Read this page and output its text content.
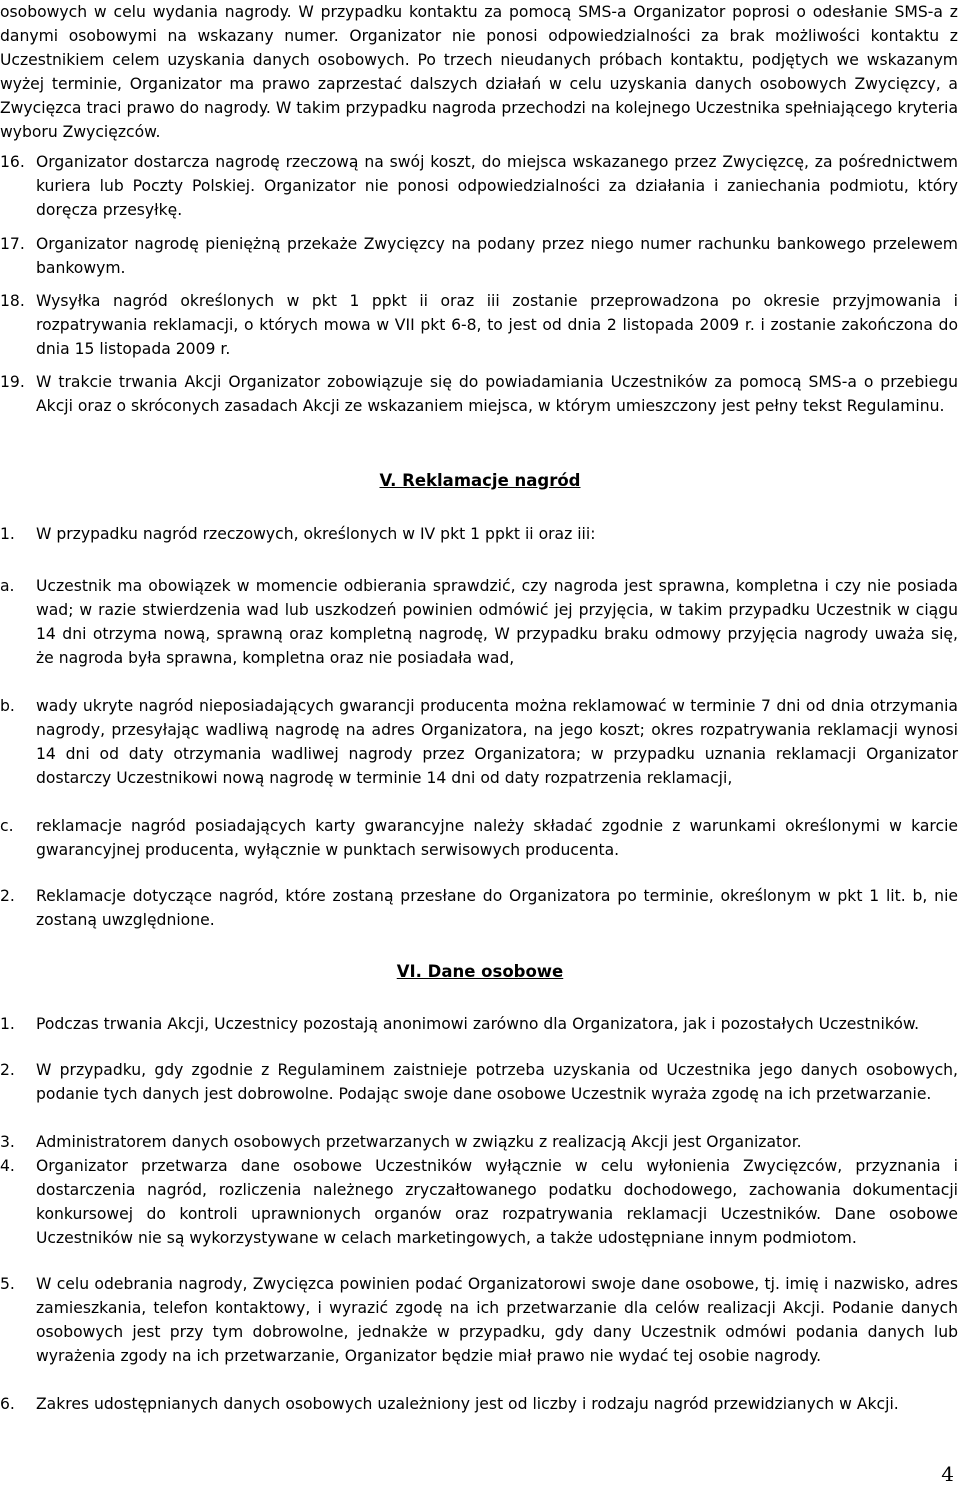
osobowych w celu wydania nagrody. W przypadku kontaktu za pomocą SMS-a Organizator poprosi o odesłanie SMS-a z danymi osobowymi na wskazany numer. Organizator nie ponosi odpowiedzialności za brak możliwości kontaktu z Uczestnikiem celem uzyskania danych osobowych. Po trzech nieudanych próbach kontaktu, podjętych we wskazanym wyżej terminie, Organizator ma prawo zaprzestać dalszych działań w celu uzyskania danych osobowych Zwycięzcy, a Zwycięzca traci prawo do nagrody. W takim przypadku nagroda przechodzi na kolejnego Uczestnika spełniającego kryteria wyboru Zwycięzców.
16. Organizator dostarcza nagrodę rzeczową na swój koszt, do miejsca wskazanego przez Zwycięzcę, za pośrednictwem kuriera lub Poczty Polskiej. Organizator nie ponosi odpowiedzialności za działania i zaniechania podmiotu, który doręcza przesyłkę.
17. Organizator nagrodę pieniężną przekaże Zwycięzcy na podany przez niego numer rachunku bankowego przelewem bankowym.
18. Wysyłka nagród określonych w pkt 1 ppkt ii oraz iii zostanie przeprowadzona po okresie przyjmowania i rozpatrywania reklamacji, o których mowa w VII pkt 6-8, to jest od dnia 2 listopada 2009 r. i zostanie zakończona do dnia 15 listopada 2009 r.
19. W trakcie trwania Akcji Organizator zobowiązuje się do powiadamiania Uczestników za pomocą SMS-a o przebiegu Akcji oraz o skróconych zasadach Akcji ze wskazaniem miejsca, w którym umieszczony jest pełny tekst Regulaminu.
V. Reklamacje nagród
1.	W przypadku nagród rzeczowych, określonych w IV pkt 1 ppkt ii oraz iii:
a.	Uczestnik ma obowiązek w momencie odbierania sprawdzić, czy nagroda jest sprawna, kompletna i czy nie posiada wad; w razie stwierdzenia wad lub uszkodzeń powinien odmówić jej przyjęcia, w takim przypadku Uczestnik w ciągu 14 dni otrzyma nową, sprawną oraz kompletną nagrodę, W przypadku braku odmowy przyjęcia nagrody uważa się, że nagroda była sprawna, kompletna oraz nie posiadała wad,
b.	wady ukryte nagród nieposiadających gwarancji producenta można reklamować w terminie 7 dni od dnia otrzymania nagrody, przesyłając wadliwą nagrodę na adres Organizatora, na jego koszt; okres rozpatrywania reklamacji wynosi 14 dni od daty otrzymania wadliwej nagrody przez Organizatora; w przypadku uznania reklamacji Organizator dostarczy Uczestnikowi nową nagrodę w terminie 14 dni od daty rozpatrzenia reklamacji,
c.	reklamacje nagród posiadających karty gwarancyjne należy składać zgodnie z warunkami określonymi w karcie gwarancyjnej producenta, wyłącznie w punktach serwisowych producenta.
2.	Reklamacje dotyczące nagród, które zostaną przesłane do Organizatora po terminie, określonym w pkt 1 lit. b, nie zostaną uwzględnione.
VI. Dane osobowe
1.	Podczas trwania Akcji, Uczestnicy pozostają anonimowi zarówno dla Organizatora, jak i pozostałych Uczestników.
2.	W przypadku, gdy zgodnie z Regulaminem zaistnieje potrzeba uzyskania od Uczestnika jego danych osobowych, podanie tych danych jest dobrowolne. Podając swoje dane osobowe Uczestnik wyraża zgodę na ich przetwarzanie.
3.	Administratorem danych osobowych przetwarzanych w związku z realizacją Akcji jest Organizator.
4.	Organizator przetwarza dane osobowe Uczestników wyłącznie w celu wyłonienia Zwycięzców, przyznania i dostarczenia nagród, rozliczenia należnego zryczałtowanego podatku dochodowego, zachowania dokumentacji konkursowej do kontroli uprawnionych organów oraz rozpatrywania reklamacji Uczestników. Dane osobowe Uczestników nie są wykorzystywane w celach marketingowych, a także udostępniane innym podmiotom.
5.	W celu odebrania nagrody, Zwycięzca powinien podać Organizatorowi swoje dane osobowe, tj. imię i nazwisko, adres zamieszkania, telefon kontaktowy, i wyrazić zgodę na ich przetwarzanie dla celów realizacji Akcji. Podanie danych osobowych jest przy tym dobrowolne, jednakże w przypadku, gdy dany Uczestnik odmówi podania danych lub wyrażenia zgody na ich przetwarzanie, Organizator będzie miał prawo nie wydać tej osobie nagrody.
6.	Zakres udostępnianych danych osobowych uzależniony jest od liczby i rodzaju nagród przewidzianych w Akcji.
4
